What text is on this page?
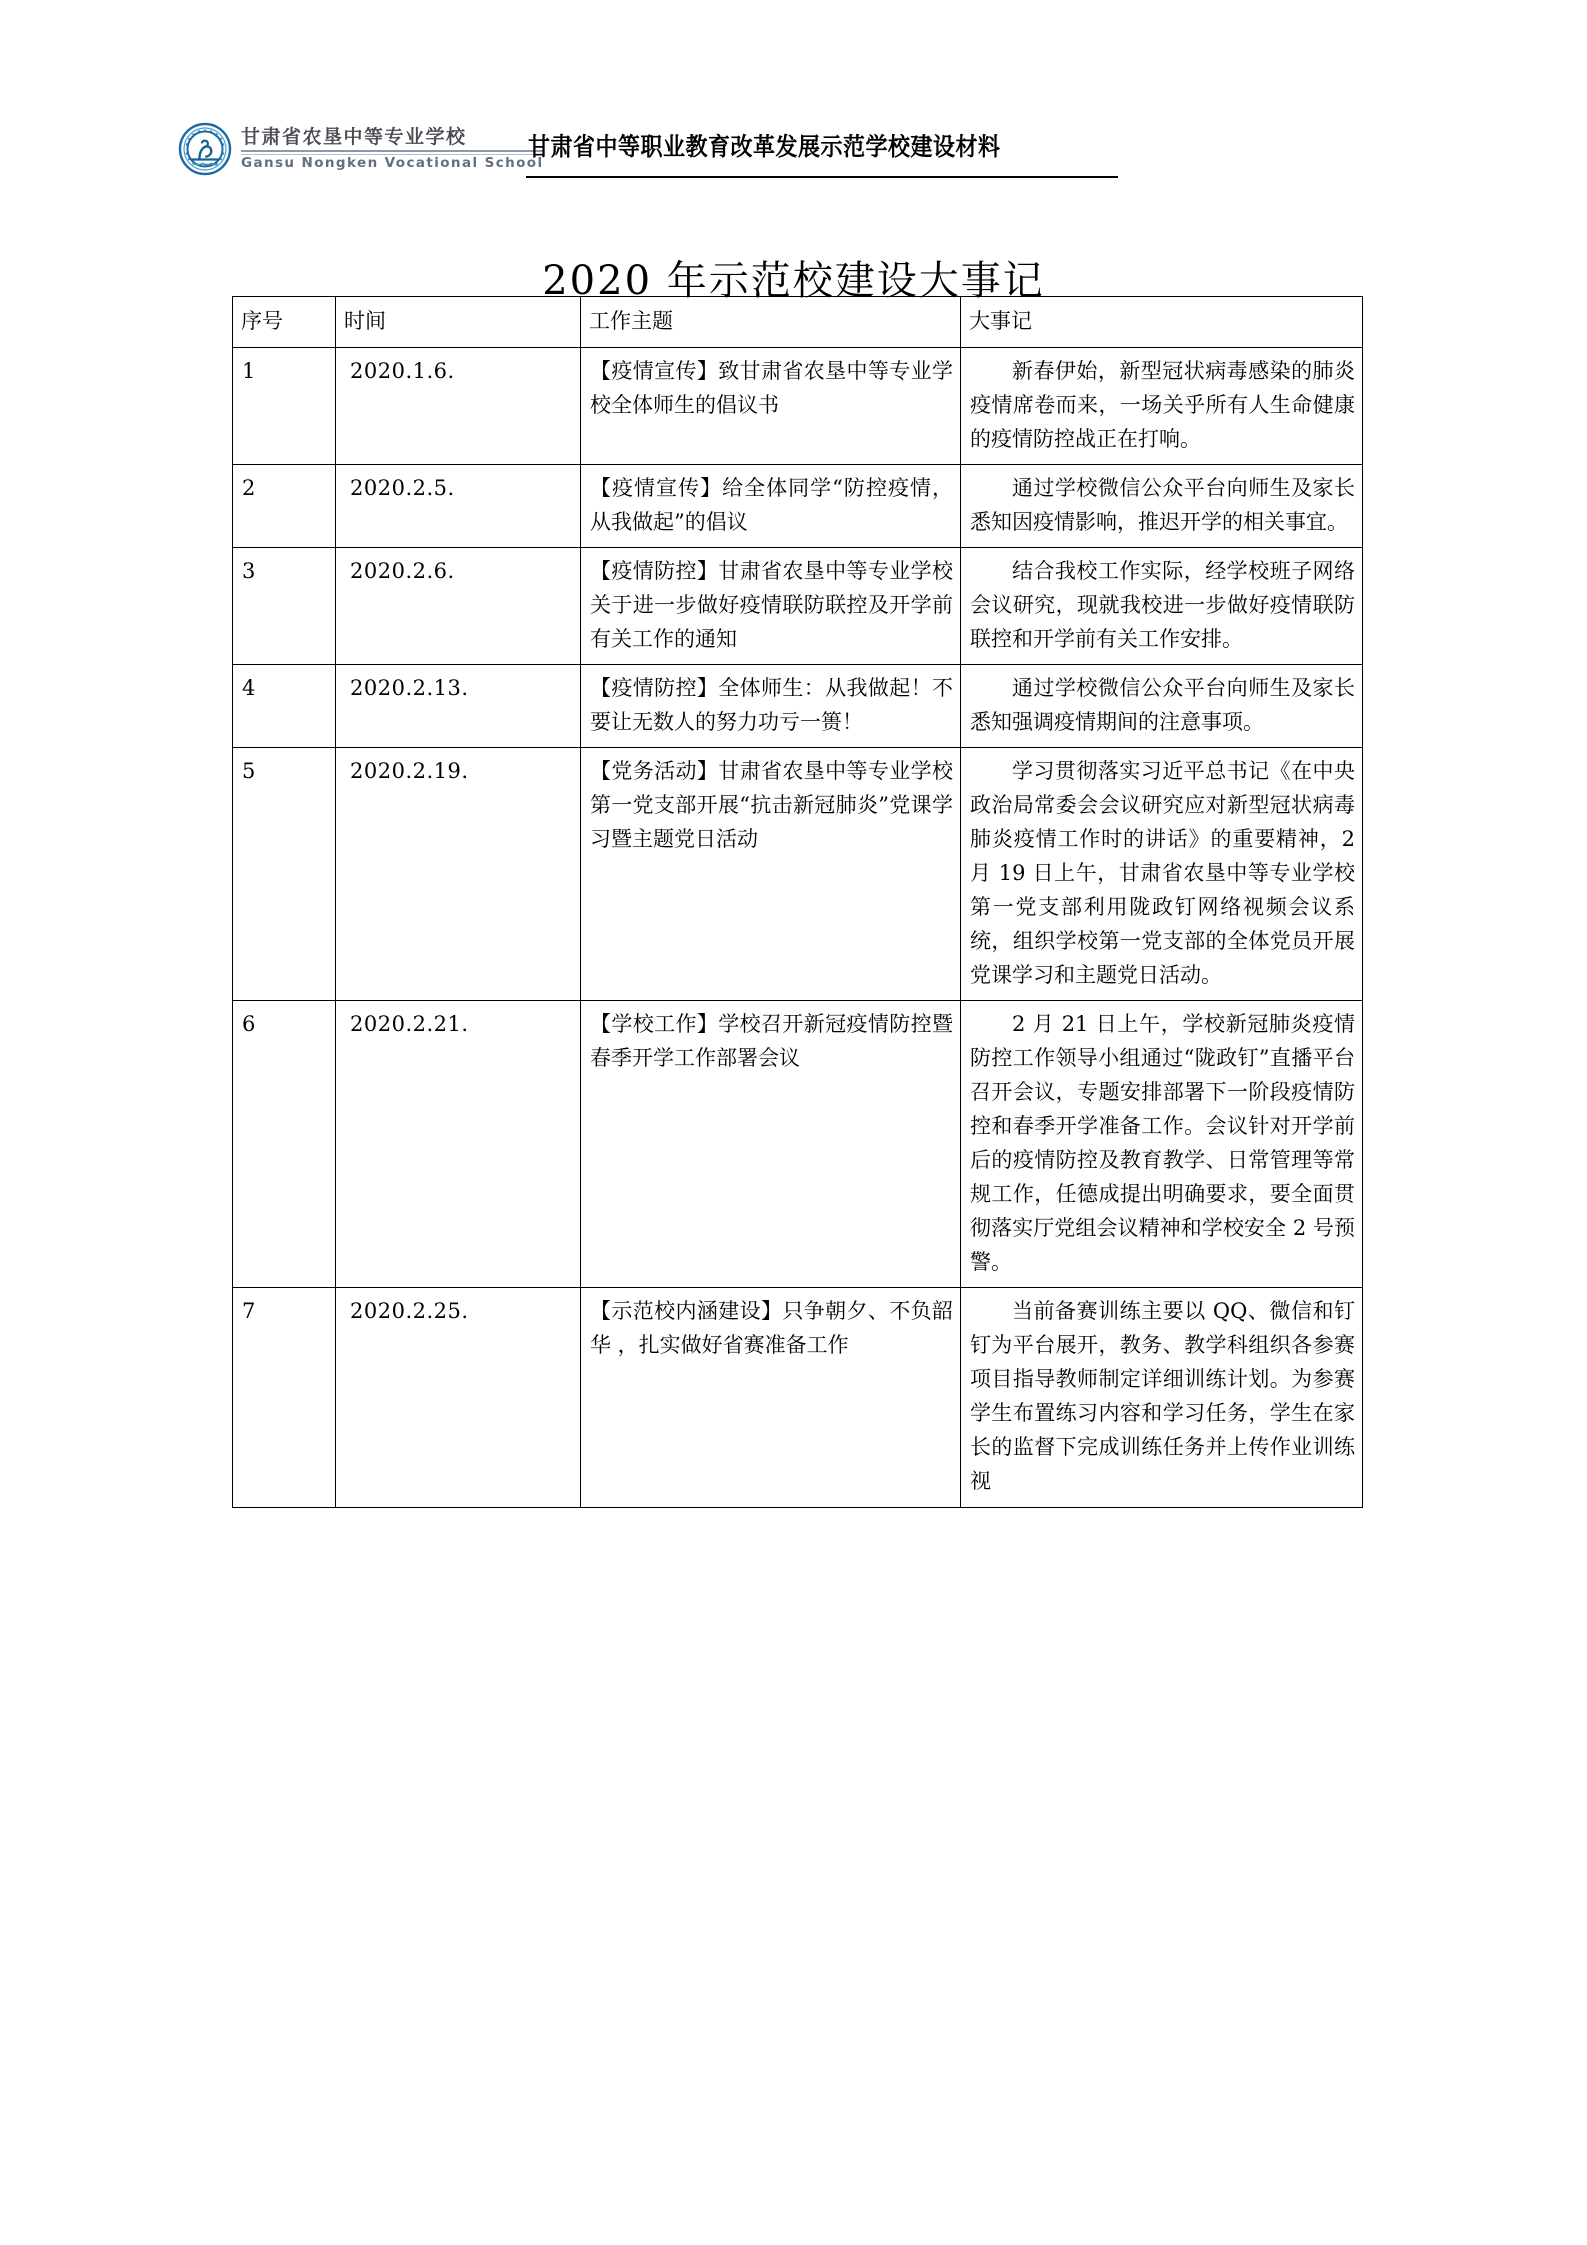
甘肃省农垦中等专业学校
Gansu Nongken Vocational School
甘肃省中等职业教育改革发展示范学校建设材料
2020 年示范校建设大事记
序号	时间	工作主题	大事记
1	2020.1.6.	【疫情宣传】致甘肃省农垦中等专业学校全体师生的倡议书	新春伊始，新型冠状病毒感染的肺炎疫情席卷而来，一场关乎所有人生命健康的疫情防控战正在打响。
2	2020.2.5.	【疫情宣传】给全体同学“防控疫情，从我做起”的倡议	通过学校微信公众平台向师生及家长悉知因疫情影响，推迟开学的相关事宜。
3	2020.2.6.	【疫情防控】甘肃省农垦中等专业学校关于进一步做好疫情联防联控及开学前有关工作的通知	结合我校工作实际，经学校班子网络会议研究，现就我校进一步做好疫情联防联控和开学前有关工作安排。
4	2020.2.13.	【疫情防控】全体师生：从我做起！不要让无数人的努力功亏一篑！	通过学校微信公众平台向师生及家长悉知强调疫情期间的注意事项。
5	2020.2.19.	【党务活动】甘肃省农垦中等专业学校第一党支部开展“抗击新冠肺炎”党课学习暨主题党日活动	学习贯彻落实习近平总书记《在中央政治局常委会会议研究应对新型冠状病毒肺炎疫情工作时的讲话》的重要精神，2 月 19 日上午，甘肃省农垦中等专业学校第一党支部利用陇政钉网络视频会议系统，组织学校第一党支部的全体党员开展党课学习和主题党日活动。
6	2020.2.21.	【学校工作】学校召开新冠疫情防控暨春季开学工作部署会议	2 月 21 日上午，学校新冠肺炎疫情防控工作领导小组通过“陇政钉”直播平台召开会议，专题安排部署下一阶段疫情防控和春季开学准备工作。会议针对开学前后的疫情防控及教育教学、日常管理等常规工作，任德成提出明确要求，要全面贯彻落实厅党组会议精神和学校安全 2 号预警。
7	2020.2.25.	【示范校内涵建设】只争朝夕、不负韶华 ，扎实做好省赛准备工作	当前备赛训练主要以 QQ、微信和钉钉为平台展开，教务、教学科组织各参赛项目指导教师制定详细训练计划。为参赛学生布置练习内容和学习任务，学生在家长的监督下完成训练任务并上传作业训练视
